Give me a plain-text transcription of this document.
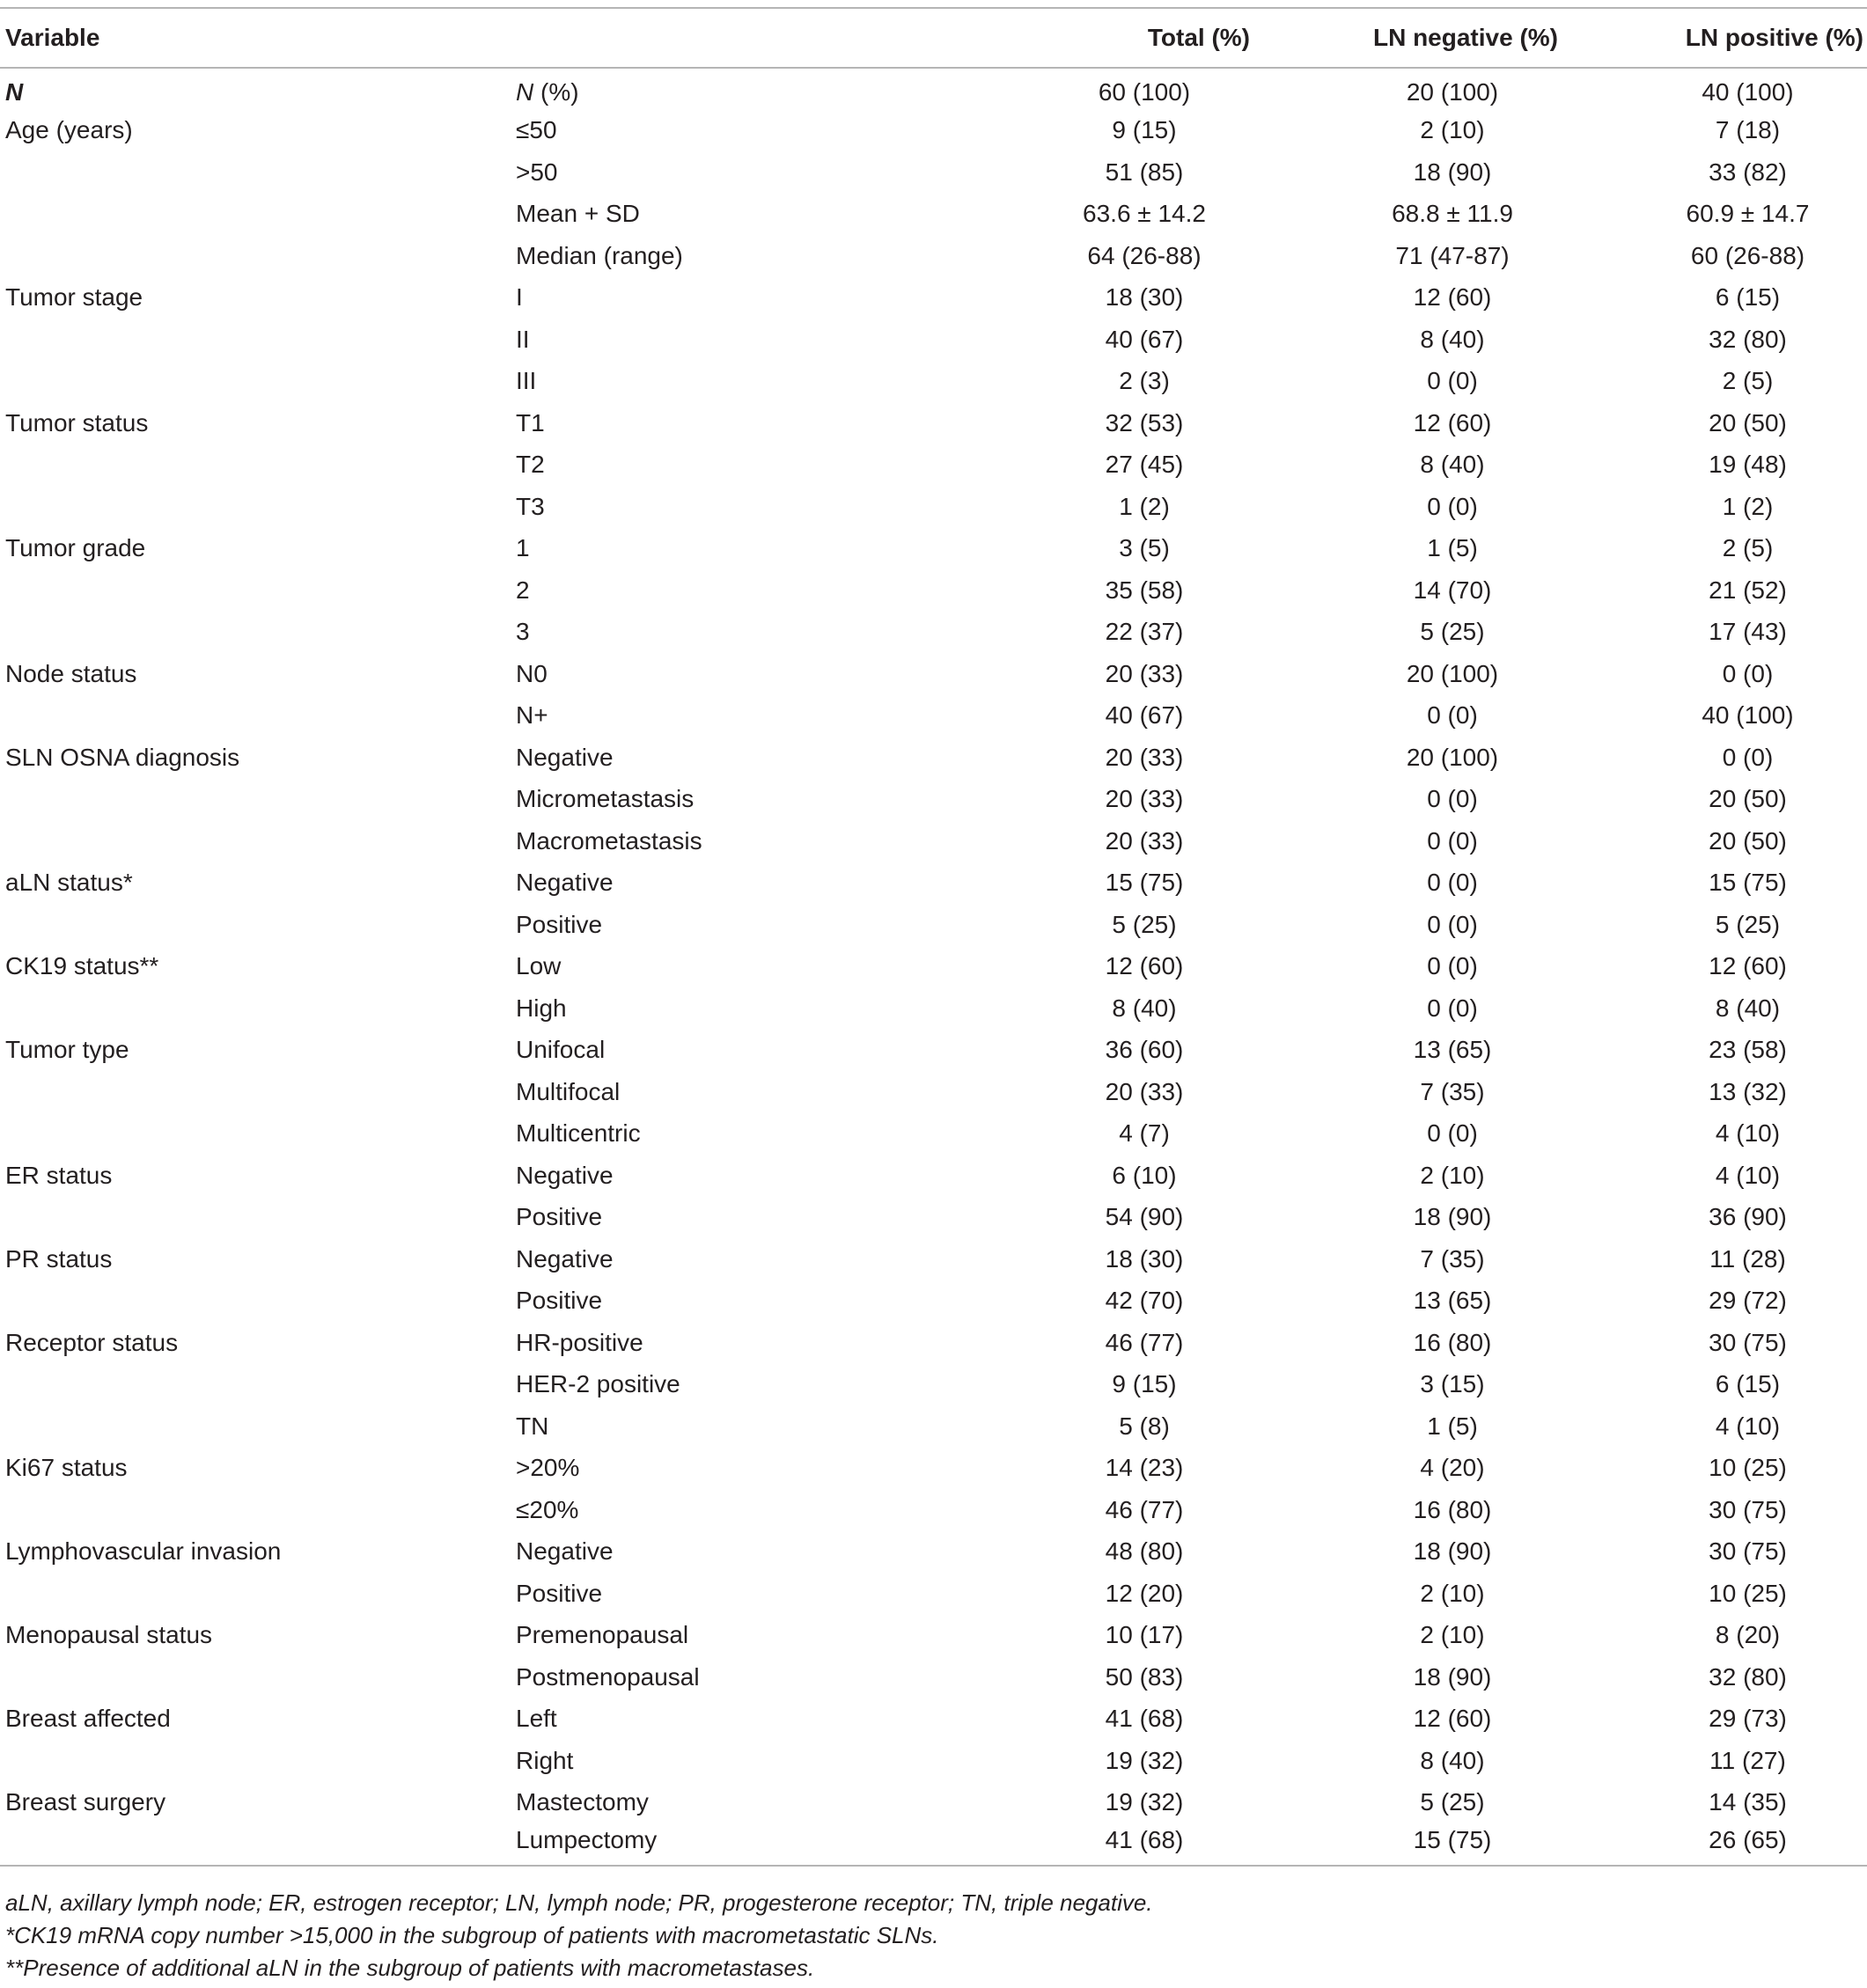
Variable		Total (%)	LN negative (%)	LN positive (%)
N	N (%)	60 (100)	20 (100)	40 (100)
Age (years)	≤50	9 (15)	2 (10)	7 (18)
	>50	51 (85)	18 (90)	33 (82)
	Mean + SD	63.6 ± 14.2	68.8 ± 11.9	60.9 ± 14.7
	Median (range)	64 (26-88)	71 (47-87)	60 (26-88)
Tumor stage	I	18 (30)	12 (60)	6 (15)
	II	40 (67)	8 (40)	32 (80)
	III	2 (3)	0 (0)	2 (5)
Tumor status	T1	32 (53)	12 (60)	20 (50)
	T2	27 (45)	8 (40)	19 (48)
	T3	1 (2)	0 (0)	1 (2)
Tumor grade	1	3 (5)	1 (5)	2 (5)
	2	35 (58)	14 (70)	21 (52)
	3	22 (37)	5 (25)	17 (43)
Node status	N0	20 (33)	20 (100)	0 (0)
	N+	40 (67)	0 (0)	40 (100)
SLN OSNA diagnosis	Negative	20 (33)	20 (100)	0 (0)
	Micrometastasis	20 (33)	0 (0)	20 (50)
	Macrometastasis	20 (33)	0 (0)	20 (50)
aLN status*	Negative	15 (75)	0 (0)	15 (75)
	Positive	5 (25)	0 (0)	5 (25)
CK19 status**	Low	12 (60)	0 (0)	12 (60)
	High	8 (40)	0 (0)	8 (40)
Tumor type	Unifocal	36 (60)	13 (65)	23 (58)
	Multifocal	20 (33)	7 (35)	13 (32)
	Multicentric	4 (7)	0 (0)	4 (10)
ER status	Negative	6 (10)	2 (10)	4 (10)
	Positive	54 (90)	18 (90)	36 (90)
PR status	Negative	18 (30)	7 (35)	11 (28)
	Positive	42 (70)	13 (65)	29 (72)
Receptor status	HR-positive	46 (77)	16 (80)	30 (75)
	HER-2 positive	9 (15)	3 (15)	6 (15)
	TN	5 (8)	1 (5)	4 (10)
Ki67 status	>20%	14 (23)	4 (20)	10 (25)
	≤20%	46 (77)	16 (80)	30 (75)
Lymphovascular invasion	Negative	48 (80)	18 (90)	30 (75)
	Positive	12 (20)	2 (10)	10 (25)
Menopausal status	Premenopausal	10 (17)	2 (10)	8 (20)
	Postmenopausal	50 (83)	18 (90)	32 (80)
Breast affected	Left	41 (68)	12 (60)	29 (73)
	Right	19 (32)	8 (40)	11 (27)
Breast surgery	Mastectomy	19 (32)	5 (25)	14 (35)
	Lumpectomy	41 (68)	15 (75)	26 (65)
aLN, axillary lymph node; ER, estrogen receptor; LN, lymph node; PR, progesterone receptor; TN, triple negative.
*CK19 mRNA copy number >15,000 in the subgroup of patients with macrometastatic SLNs.
**Presence of additional aLN in the subgroup of patients with macrometastases.
